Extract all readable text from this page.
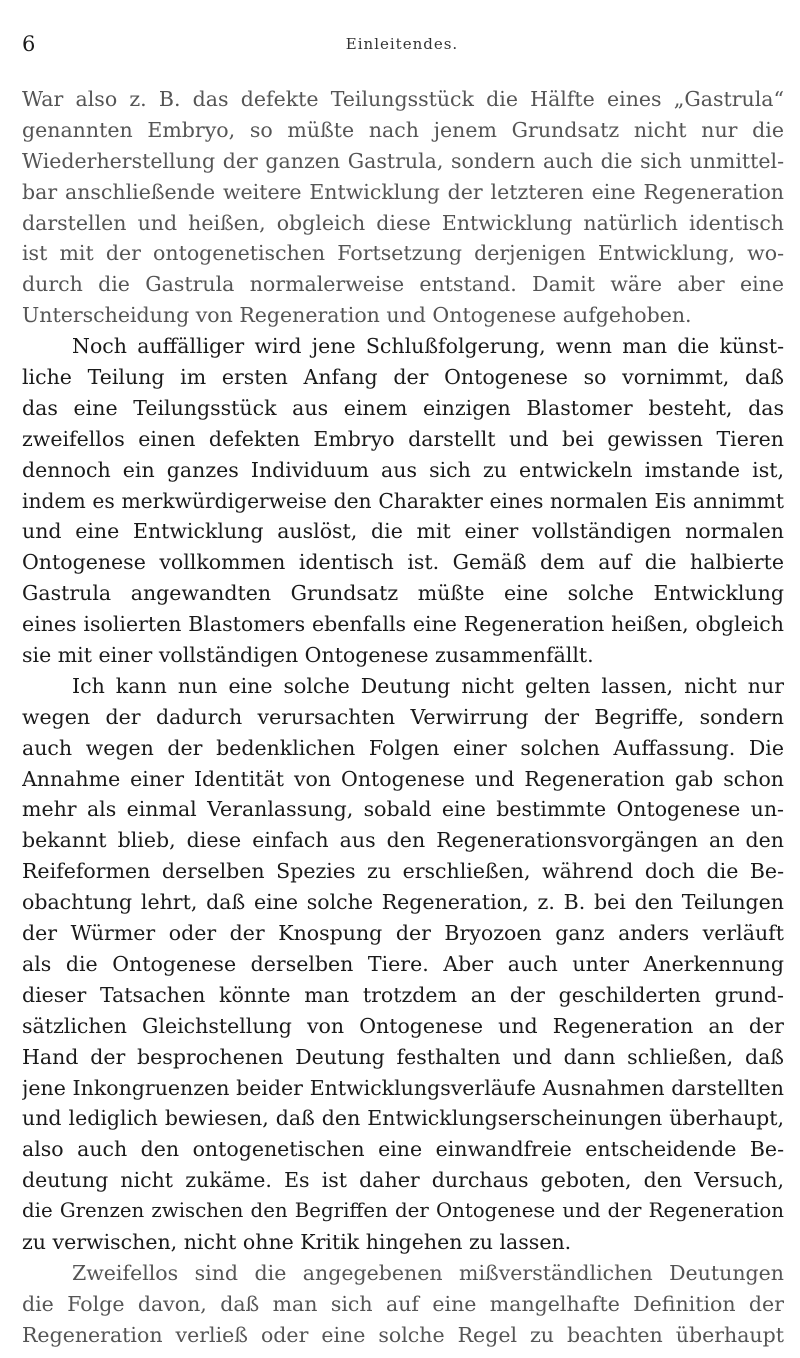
6	Einleitendes.
War also z. B. das defekte Teilungsstück die Hälfte eines „Gastrula“
genannten Embryo, so müßte nach jenem Grundsatz nicht nur die
Wiederherstellung der ganzen Gastrula, sondern auch die sich unmittel-
bar anschließende weitere Entwicklung der letzteren eine Regeneration
darstellen und heißen, obgleich diese Entwicklung natürlich identisch
ist mit der ontogenetischen Fortsetzung derjenigen Entwicklung, wo-
durch die Gastrula normalerweise entstand. Damit wäre aber eine
Unterscheidung von Regeneration und Ontogenese aufgehoben.
Noch auffälliger wird jene Schlußfolgerung, wenn man die künst-
liche Teilung im ersten Anfang der Ontogenese so vornimmt, daß
das eine Teilungsstück aus einem einzigen Blastomer besteht, das
zweifellos einen defekten Embryo darstellt und bei gewissen Tieren
dennoch ein ganzes Individuum aus sich zu entwickeln imstande ist,
indem es merkwürdigerweise den Charakter eines normalen Eis annimmt
und eine Entwicklung auslöst, die mit einer vollständigen normalen
Ontogenese vollkommen identisch ist. Gemäß dem auf die halbierte
Gastrula angewandten Grundsatz müßte eine solche Entwicklung
eines isolierten Blastomers ebenfalls eine Regeneration heißen, obgleich
sie mit einer vollständigen Ontogenese zusammenfällt.
Ich kann nun eine solche Deutung nicht gelten lassen, nicht nur
wegen der dadurch verursachten Verwirrung der Begriffe, sondern
auch wegen der bedenklichen Folgen einer solchen Auffassung. Die
Annahme einer Identität von Ontogenese und Regeneration gab schon
mehr als einmal Veranlassung, sobald eine bestimmte Ontogenese un-
bekannt blieb, diese einfach aus den Regenerationsvorgängen an den
Reifeformen derselben Spezies zu erschließen, während doch die Be-
obachtung lehrt, daß eine solche Regeneration, z. B. bei den Teilungen
der Würmer oder der Knospung der Bryozoen ganz anders verläuft
als die Ontogenese derselben Tiere. Aber auch unter Anerkennung
dieser Tatsachen könnte man trotzdem an der geschilderten grund-
sätzlichen Gleichstellung von Ontogenese und Regeneration an der
Hand der besprochenen Deutung festhalten und dann schließen, daß
jene Inkongruenzen beider Entwicklungsverläufe Ausnahmen darstellten
und lediglich bewiesen, daß den Entwicklungserscheinungen überhaupt,
also auch den ontogenetischen eine einwandfreie entscheidende Be-
deutung nicht zukäme. Es ist daher durchaus geboten, den Versuch,
die Grenzen zwischen den Begriffen der Ontogenese und der Regeneration
zu verwischen, nicht ohne Kritik hingehen zu lassen.
Zweifellos sind die angegebenen mißverständlichen Deutungen
die Folge davon, daß man sich auf eine mangelhafte Definition der
Regeneration verließ oder eine solche Regel zu beachten überhaupt
